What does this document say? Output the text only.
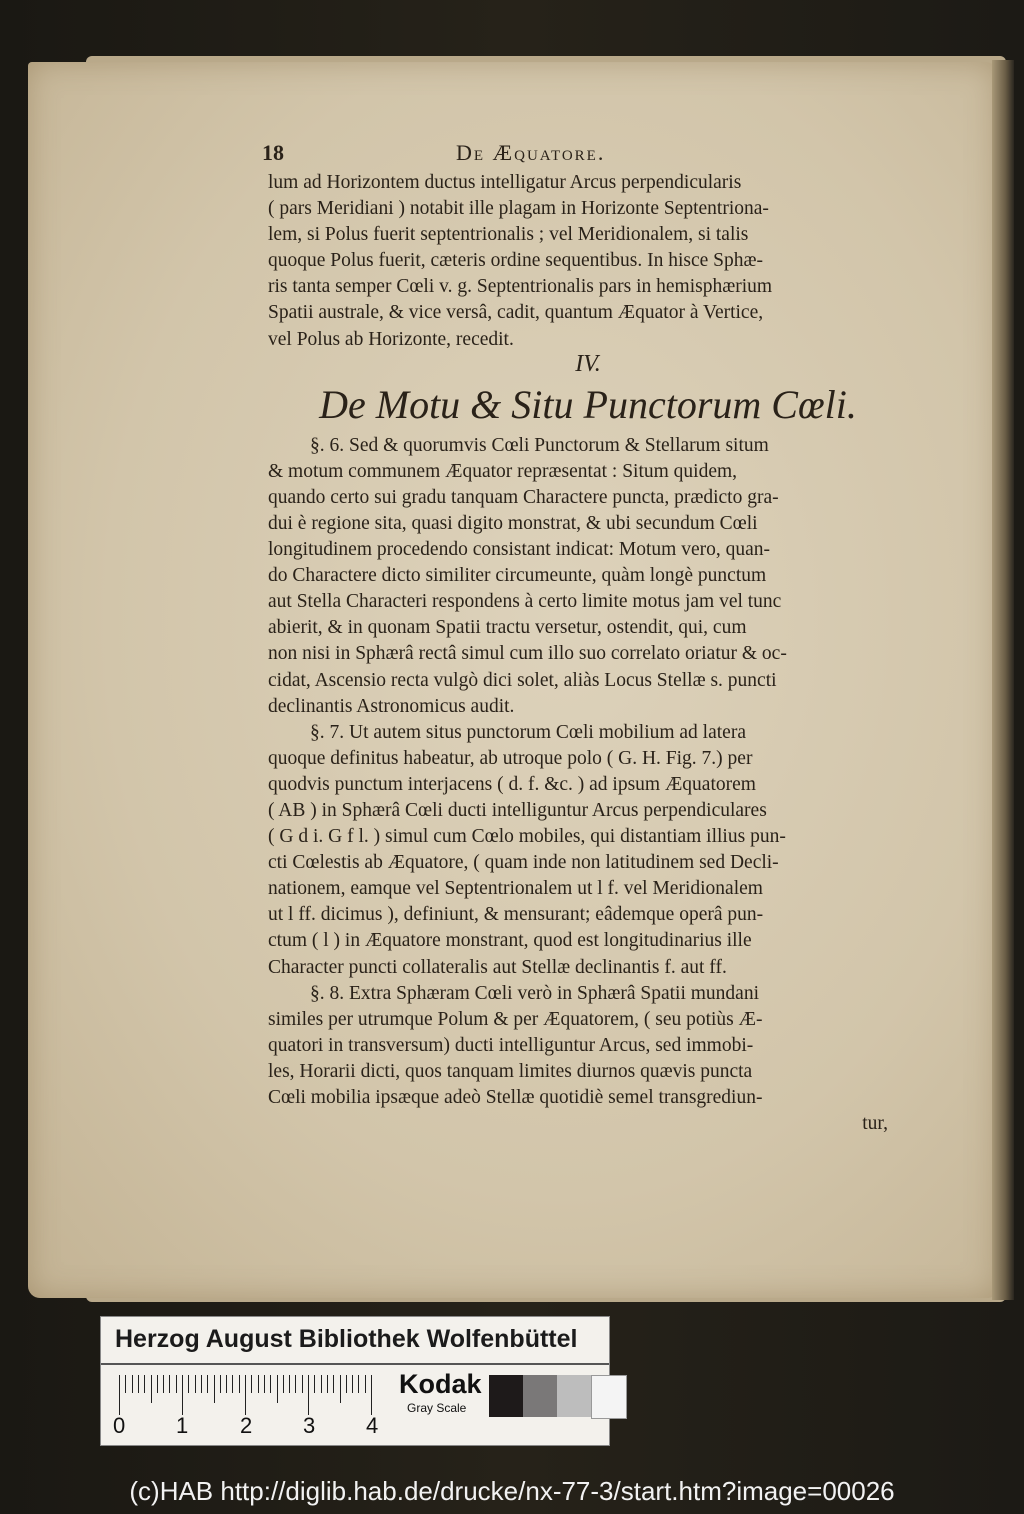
18	De Æquatore.
lum ad Horizontem ductus intelligatur Arcus perpendicularis
( pars Meridiani ) notabit ille plagam in Horizonte Septentriona-
lem, si Polus fuerit septentrionalis ; vel Meridionalem, si talis
quoque Polus fuerit, cæteris ordine sequentibus. In hisce Sphæ-
ris tanta semper Cœli v. g. Septentrionalis pars in hemisphærium
Spatii australe, & vice versâ, cadit, quantum Æquator à Vertice,
vel Polus ab Horizonte, recedit.
IV.
De Motu & Situ Punctorum Cœli.
§. 6. Sed & quorumvis Cœli Punctorum & Stellarum situm
& motum communem Æquator repræsentat : Situm quidem,
quando certo sui gradu tanquam Charactere puncta, prædicto gra-
dui è regione sita, quasi digito monstrat, & ubi secundum Cœli
longitudinem procedendo consistant indicat: Motum vero, quan-
do Charactere dicto similiter circumeunte, quàm longè punctum
aut Stella Characteri respondens à certo limite motus jam vel tunc
abierit, & in quonam Spatii tractu versetur, ostendit, qui, cum
non nisi in Sphærâ rectâ simul cum illo suo correlato oriatur & oc-
cidat, Ascensio recta vulgò dici solet, aliàs Locus Stellæ s. puncti
declinantis Astronomicus audit.
§. 7. Ut autem situs punctorum Cœli mobilium ad latera
quoque definitus habeatur, ab utroque polo ( G. H. Fig. 7.) per
quodvis punctum interjacens ( d. f. &c. ) ad ipsum Æquatorem
( AB ) in Sphærâ Cœli ducti intelliguntur Arcus perpendiculares
( G d i. G f l. ) simul cum Cœlo mobiles, qui distantiam illius pun-
cti Cœlestis ab Æquatore, ( quam inde non latitudinem sed Decli-
nationem, eamque vel Septentrionalem ut l f. vel Meridionalem
ut l ff. dicimus ), definiunt, & mensurant; eâdemque operâ pun-
ctum ( l ) in Æquatore monstrant, quod est longitudinarius ille
Character puncti collateralis aut Stellæ declinantis f. aut ff.
§. 8. Extra Sphæram Cœli verò in Sphærâ Spatii mundani
similes per utrumque Polum & per Æquatorem, ( seu potiùs Æ-
quatori in transversum) ducti intelliguntur Arcus, sed immobi-
les, Horarii dicti, quos tanquam limites diurnos quævis puncta
Cœli mobilia ipsæque adeò Stellæ quotidiè semel transgrediun-
tur,
Herzog August Bibliothek Wolfenbüttel
0 1 2 3 4
Kodak
Gray Scale
(c)HAB http://diglib.hab.de/drucke/nx-77-3/start.htm?image=00026
